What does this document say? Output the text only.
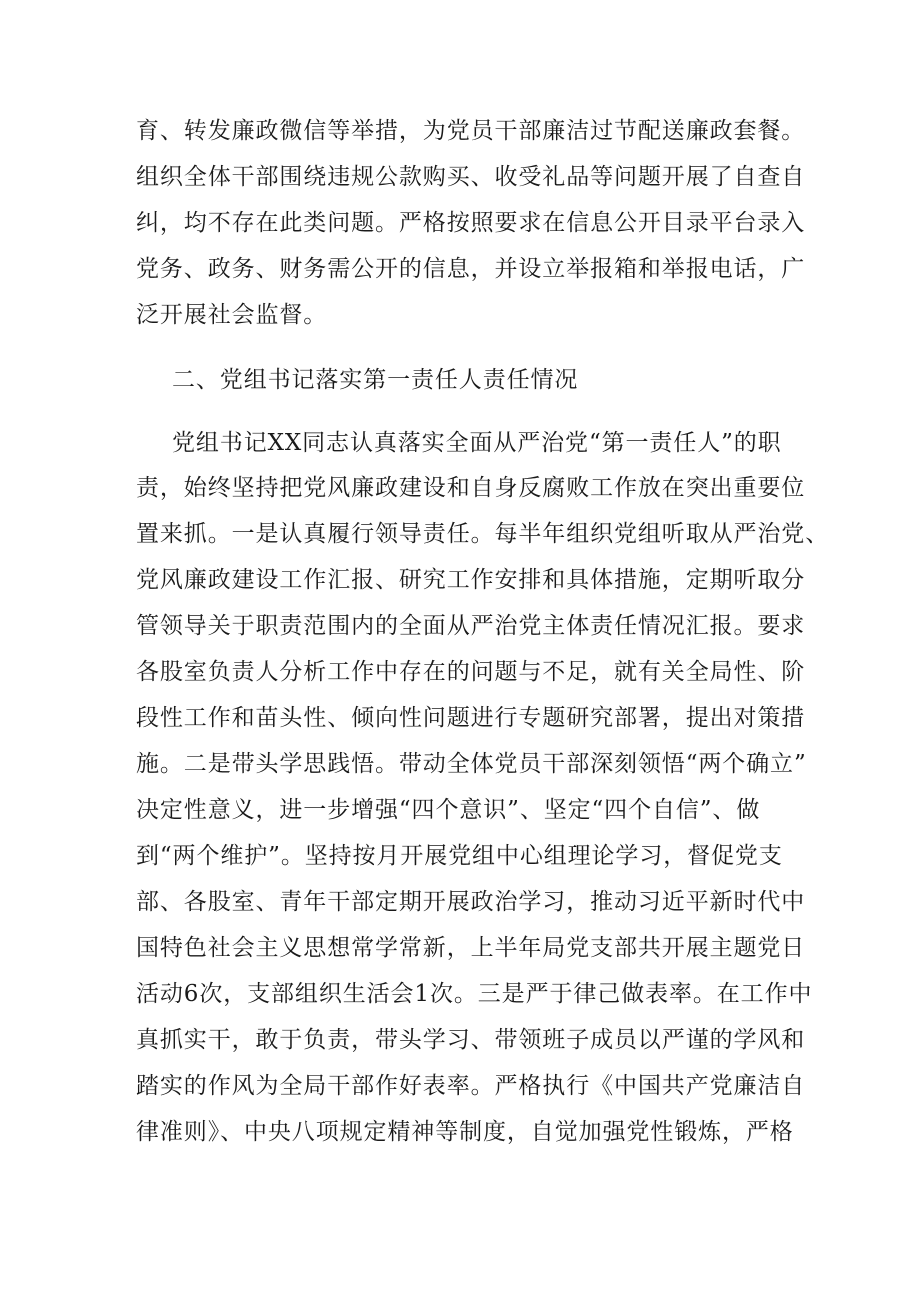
育、转发廉政微信等举措，为党员干部廉洁过节配送廉政套餐。

组织全体干部围绕违规公款购买、收受礼品等问题开展了自查自

纠，均不存在此类问题。严格按照要求在信息公开目录平台录入

党务、政务、财务需公开的信息，并设立举报箱和举报电话，广

泛开展社会监督。

二、党组书记落实第一责任人责任情况

党组书记XX同志认真落实全面从严治党“第一责任人”的职

责，始终坚持把党风廉政建设和自身反腐败工作放在突出重要位

置来抓。一是认真履行领导责任。每半年组织党组听取从严治党、

党风廉政建设工作汇报、研究工作安排和具体措施，定期听取分

管领导关于职责范围内的全面从严治党主体责任情况汇报。要求

各股室负责人分析工作中存在的问题与不足，就有关全局性、阶

段性工作和苗头性、倾向性问题进行专题研究部署，提出对策措

施。二是带头学思践悟。带动全体党员干部深刻领悟“两个确立”

决定性意义，进一步增强“四个意识”、坚定“四个自信”、做

到“两个维护”。坚持按月开展党组中心组理论学习，督促党支

部、各股室、青年干部定期开展政治学习，推动习近平新时代中

国特色社会主义思想常学常新，上半年局党支部共开展主题党日

活动6次，支部组织生活会1次。三是严于律己做表率。在工作中

真抓实干，敢于负责，带头学习、带领班子成员以严谨的学风和

踏实的作风为全局干部作好表率。严格执行《中国共产党廉洁自

律准则》、中央八项规定精神等制度，自觉加强党性锻炼，严格
